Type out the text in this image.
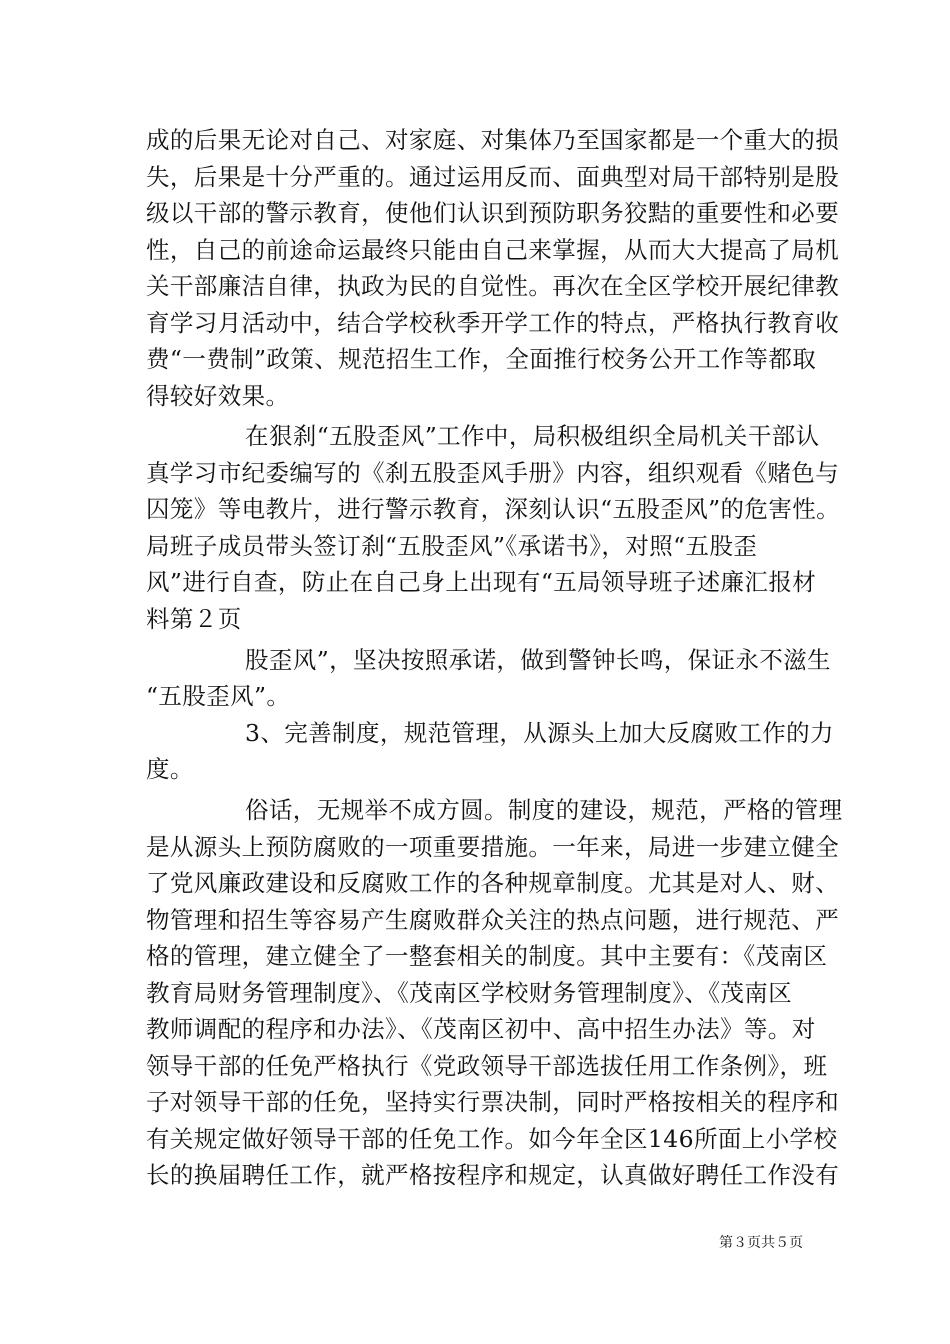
成的后果无论对自己、对家庭、对集体乃至国家都是一个重大的损
失，后果是十分严重的。通过运用反而、面典型对局干部特别是股
级以干部的警示教育，使他们认识到预防职务狡黠的重要性和必要
性，自己的前途命运最终只能由自己来掌握，从而大大提高了局机
关干部廉洁自律，执政为民的自觉性。再次在全区学校开展纪律教
育学习月活动中，结合学校秋季开学工作的特点，严格执行教育收
费“一费制”政策、规范招生工作，全面推行校务公开工作等都取
得较好效果。
在狠刹“五股歪风”工作中，局积极组织全局机关干部认
真学习市纪委编写的《刹五股歪风手册》内容，组织观看《赌色与
囚笼》等电教片，进行警示教育，深刻认识“五股歪风”的危害性。
局班子成员带头签订刹“五股歪风”《承诺书》，对照“五股歪
风”进行自查，防止在自己身上出现有“五局领导班子述廉汇报材
料第２页
股歪风”，坚决按照承诺，做到警钟长鸣，保证永不滋生
“五股歪风”。
3、完善制度，规范管理，从源头上加大反腐败工作的力
度。
俗话，无规举不成方圆。制度的建设，规范，严格的管理
是从源头上预防腐败的一项重要措施。一年来，局进一步建立健全
了党风廉政建设和反腐败工作的各种规章制度。尤其是对人、财、
物管理和招生等容易产生腐败群众关注的热点问题，进行规范、严
格的管理，建立健全了一整套相关的制度。其中主要有：《茂南区
教育局财务管理制度》、《茂南区学校财务管理制度》、《茂南区
教师调配的程序和办法》、《茂南区初中、高中招生办法》等。对
领导干部的任免严格执行《党政领导干部选拔任用工作条例》，班
子对领导干部的任免，坚持实行票决制，同时严格按相关的程序和
有关规定做好领导干部的任免工作。如今年全区146所面上小学校
长的换届聘任工作，就严格按程序和规定，认真做好聘任工作没有
第３页共５页
